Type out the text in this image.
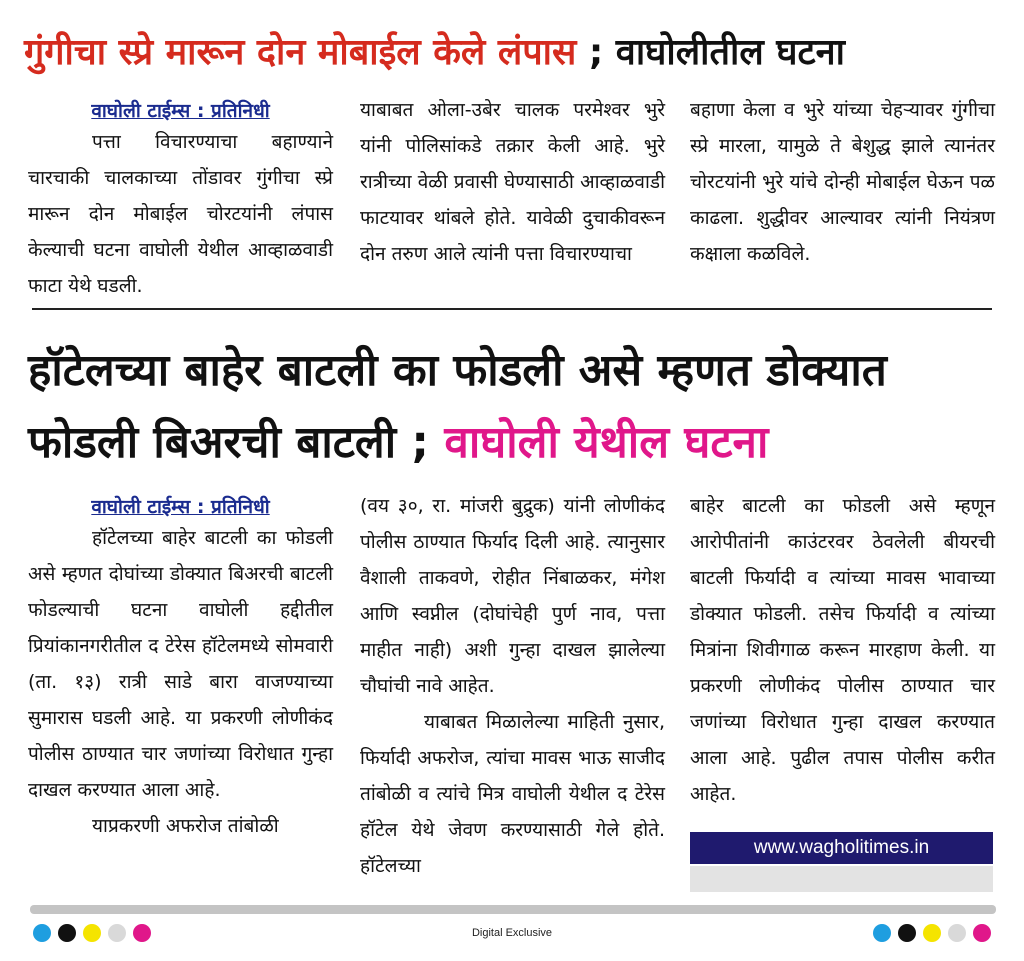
गुंगीचा स्प्रे मारून दोन मोबाईल केले लंपास ; वाघोलीतील घटना
वाघोली टाईम्स : प्रतिनिधी
पत्ता विचारण्याचा बहाण्याने चारचाकी चालकाच्या तोंडावर गुंगीचा स्प्रे मारून दोन मोबाईल चोरटयांनी लंपास केल्याची घटना वाघोली येथील आव्हाळवाडी फाटा येथे घडली.
याबाबत ओला-उबेर चालक परमेश्वर भुरे यांनी पोलिसांकडे तक्रार केली आहे. भुरे रात्रीच्या वेळी प्रवासी घेण्यासाठी आव्हाळवाडी फाटयावर थांबले होते. यावेळी दुचाकीवरून दोन तरुण आले त्यांनी पत्ता विचारण्याचा
बहाणा केला व भुरे यांच्या चेहऱ्यावर गुंगीचा स्प्रे मारला, यामुळे ते बेशुद्ध झाले त्यानंतर चोरटयांनी भुरे यांचे दोन्ही मोबाईल घेऊन पळ काढला. शुद्धीवर आल्यावर त्यांनी नियंत्रण कक्षाला कळविले.
हॉटेलच्या बाहेर बाटली का फोडली असे म्हणत डोक्यात फोडली बिअरची बाटली ; वाघोली येथील घटना
वाघोली टाईम्स : प्रतिनिधी
हॉटेलच्या बाहेर बाटली का फोडली असे म्हणत दोघांच्या डोक्यात बिअरची बाटली फोडल्याची घटना वाघोली हद्दीतील प्रियांकानगरीतील द टेरेस हॉटेलमध्ये सोमवारी (ता. १३) रात्री साडे बारा वाजण्याच्या सुमारास घडली आहे. या प्रकरणी लोणीकंद पोलीस ठाण्यात चार जणांच्या विरोधात गुन्हा दाखल करण्यात आला आहे.
याप्रकरणी अफरोज तांबोळी
(वय ३०, रा. मांजरी बुद्रुक) यांनी लोणीकंद पोलीस ठाण्यात फिर्याद दिली आहे. त्यानुसार वैशाली ताकवणे, रोहीत निंबाळकर, मंगेश आणि स्वप्नील (दोघांचेही पुर्ण नाव, पत्ता माहीत नाही) अशी गुन्हा दाखल झालेल्या चौघांची नावे आहेत.
याबाबत मिळालेल्या माहिती नुसार, फिर्यादी अफरोज, त्यांचा मावस भाऊ साजीद तांबोळी व त्यांचे मित्र वाघोली येथील द टेरेस हॉटेल येथे जेवण करण्यासाठी गेले होते. हॉटेलच्या
बाहेर बाटली का फोडली असे म्हणून आरोपीतांनी काउंटरवर ठेवलेली बीयरची बाटली फिर्यादी व त्यांच्या मावस भावाच्या डोक्यात फोडली. तसेच फिर्यादी व त्यांच्या मित्रांना शिवीगाळ करून मारहाण केली. या प्रकरणी लोणीकंद पोलीस ठाण्यात चार जणांच्या विरोधात गुन्हा दाखल करण्यात आला आहे. पुढील तपास पोलीस करीत आहेत.
www.wagholitimes.in
Digital Exclusive
